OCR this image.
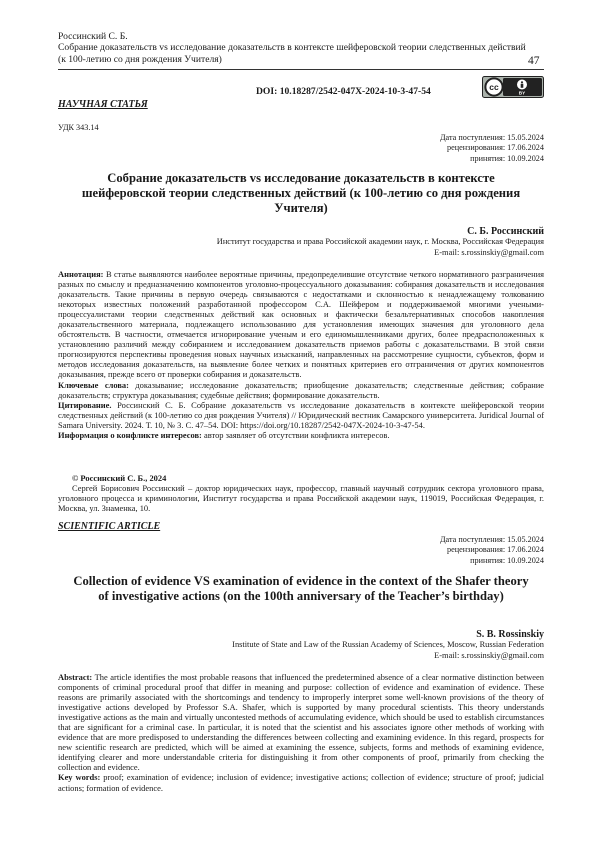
Россинский С. Б.
Собрание доказательств vs исследование доказательств в контексте шейферовской теории следственных действий (к 100-летию со дня рождения Учителя)	47
DOI: 10.18287/2542-047X-2024-10-3-47-54	cc
BY
НАУЧНАЯ СТАТЬЯ
УДК 343.14
Дата поступления: 15.05.2024
рецензирования: 17.06.2024
принятия: 10.09.2024
Собрание доказательств vs исследование доказательств в контексте шейферовской теории следственных действий (к 100-летию со дня рождения Учителя)
С. Б. Россинский
Институт государства и права Российской академии наук, г. Москва, Российская Федерация
E-mail: s.rossinskiy@gmail.com

Аннотация: В статье выявляются наиболее вероятные причины, предопределившие отсутствие четкого нормативного разграничения разных по смыслу и предназначению компонентов уголовно-процессуального доказывания: собирания доказательств и исследования доказательств. Такие причины в первую очередь связываются с недостатками и склонностью к ненадлежащему толкованию некоторых известных положений разработанной профессором С.А. Шейфером и поддерживаемой многими учеными-процессуалистами теории следственных действий как основных и фактически безальтернативных способов накопления доказательственного материала, подлежащего использованию для установления имеющих значения для уголовного дела обстоятельств. В частности, отмечается игнорирование ученым и его единомышленниками других, более предрасположенных к установлению различий между собиранием и исследованием доказательств приемов работы с доказательствами. В этой связи прогнозируются перспективы проведения новых научных изысканий, направленных на рассмотрение сущности, субъектов, форм и методов исследования доказательств, на выявление более четких и понятных критериев его отграничения от других компонентов доказывания, прежде всего от проверки собирания и доказательств.

Ключевые слова: доказывание; исследование доказательств; приобщение доказательств; следственные действия; собрание доказательств; структура доказывания; судебные действия; формирование доказательств.

Цитирование. Россинский С. Б. Собрание доказательств vs исследование доказательств в контексте шейферовской теории следственных действий (к 100-летию со дня рождения Учителя) // Юридический вестник Самарского университета. Juridical Journal of Samara University. 2024. Т. 10, № 3. С. 47–54. DOI: https://doi.org/10.18287/2542-047X-2024-10-3-47-54.

Информация о конфликте интересов: автор заявляет об отсутствии конфликта интересов.

© Россинский С. Б., 2024

Сергей Борисович Россинский – доктор юридических наук, профессор, главный научный сотрудник сектора уголовного права, уголовного процесса и криминологии, Институт государства и права Российской академии наук, 119019, Российская Федерация, г. Москва, ул. Знаменка, 10.

SCIENTIFIC ARTICLE
Дата поступления: 15.05.2024
рецензирования: 17.06.2024
принятия: 10.09.2024
Collection of evidence VS examination of evidence in the context of the Shafer theory of investigative actions (on the 100th anniversary of the Teacher’s birthday)
S. B. Rossinskiy
Institute of State and Law of the Russian Academy of Sciences, Moscow, Russian Federation
E-mail: s.rossinskiy@gmail.com

Abstract: The article identifies the most probable reasons that influenced the predetermined absence of a clear normative distinction between components of criminal procedural proof that differ in meaning and purpose: collection of evidence and examination of evidence. These reasons are primarily associated with the shortcomings and tendency to improperly interpret some well-known provisions of the theory of investigative actions developed by Professor S.A. Shafer, which is supported by many procedural scientists. This theory understands investigative actions as the main and virtually uncontested methods of accumulating evidence, which should be used to establish circumstances that are significant for a criminal case. In particular, it is noted that the scientist and his associates ignore other methods of working with evidence that are more predisposed to understanding the differences between collecting and examining evidence. In this regard, prospects for new scientific research are predicted, which will be aimed at examining the essence, subjects, forms and methods of examining evidence, identifying clearer and more understandable criteria for distinguishing it from other components of proof, primarily from checking the collection and evidence.

Key words: proof; examination of evidence; inclusion of evidence; investigative actions; collection of evidence; structure of proof; judicial actions; formation of evidence.
